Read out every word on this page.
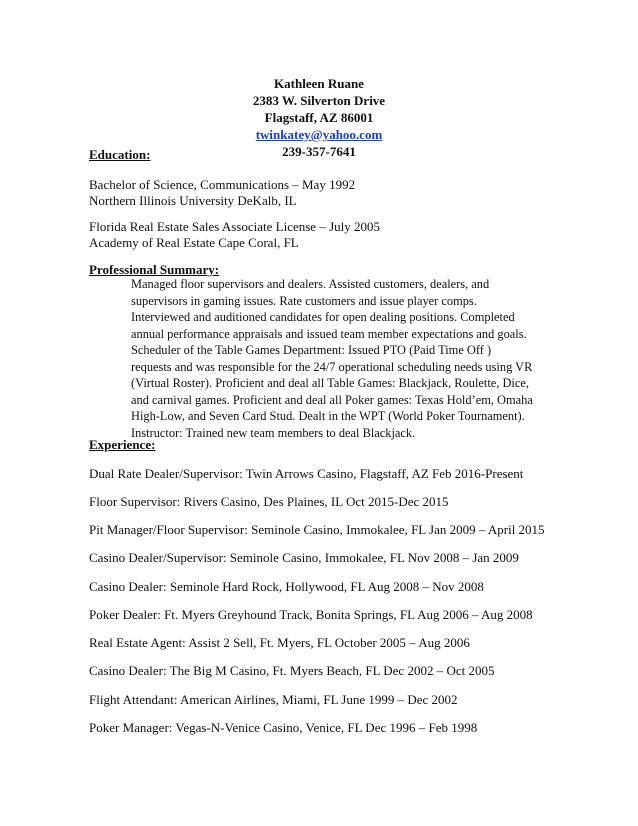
Kathleen Ruane
2383 W. Silverton Drive
Flagstaff, AZ 86001
twinkatey@yahoo.com
239-357-7641
Education:
Bachelor of Science, Communications – May 1992
Northern Illinois University DeKalb, IL
Florida Real Estate Sales Associate License – July 2005
Academy of Real Estate Cape Coral, FL
Professional Summary:
Managed floor supervisors and dealers. Assisted customers, dealers, and
supervisors in gaming issues. Rate customers and issue player comps.
Interviewed and auditioned candidates for open dealing positions. Completed
annual performance appraisals and issued team member expectations and goals.
Scheduler of the Table Games Department: Issued PTO (Paid Time Off )
requests and was responsible for the 24/7 operational scheduling needs using VR
(Virtual Roster). Proficient and deal all Table Games: Blackjack, Roulette, Dice,
and carnival games. Proficient and deal all Poker games: Texas Hold’em, Omaha
High-Low, and Seven Card Stud. Dealt in the WPT (World Poker Tournament).
Instructor: Trained new team members to deal Blackjack.
Experience:
Dual Rate Dealer/Supervisor: Twin Arrows Casino, Flagstaff, AZ Feb 2016-Present
Floor Supervisor: Rivers Casino, Des Plaines, IL Oct 2015-Dec 2015
Pit Manager/Floor Supervisor: Seminole Casino, Immokalee, FL Jan 2009 – April 2015
Casino Dealer/Supervisor: Seminole Casino, Immokalee, FL Nov 2008 – Jan 2009
Casino Dealer: Seminole Hard Rock, Hollywood, FL Aug 2008 – Nov 2008
Poker Dealer: Ft. Myers Greyhound Track, Bonita Springs, FL Aug 2006 – Aug 2008
Real Estate Agent: Assist 2 Sell, Ft. Myers, FL October 2005 – Aug 2006
Casino Dealer: The Big M Casino, Ft. Myers Beach, FL Dec 2002 – Oct 2005
Flight Attendant: American Airlines, Miami, FL June 1999 – Dec 2002
Poker Manager: Vegas-N-Venice Casino, Venice, FL Dec 1996 – Feb 1998
